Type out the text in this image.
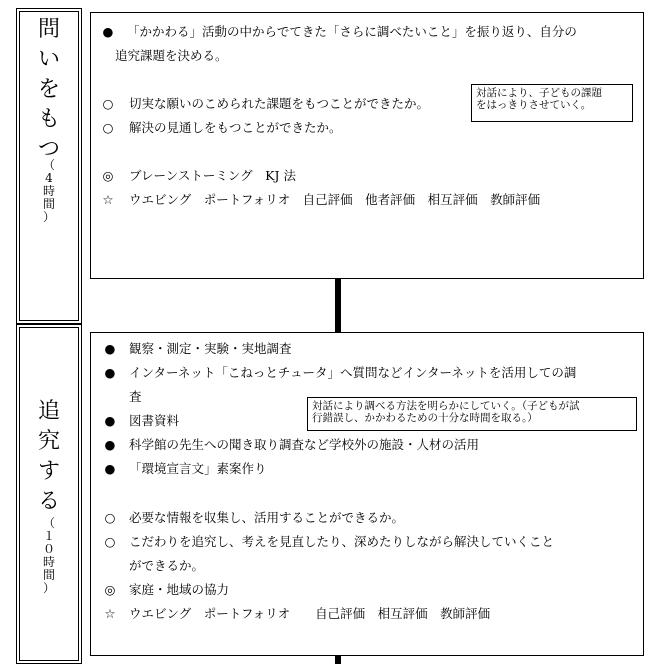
問
い
を
も
つ
（
4
時
間
）
● 「かかわる」活動の中からでてきた「さらに調べたいこと」を振り返り、自分の
追究課題を決める。
○ 切実な願いのこめられた課題をもつことができたか。
○ 解決の見通しをもつことができたか。
◎ ブレーンストーミング　KJ 法
☆ ウエビング　ポートフォリオ　自己評価　他者評価　相互評価　教師評価
対話により、子どもの課題
をはっきりさせていく。
追
究
す
る
（
１
０
時
間
）
● 観察・測定・実験・実地調査
● インターネット「こねっとチュータ」へ質問などインターネットを活用しての調
査
● 図書資料
● 科学館の先生への聞き取り調査など学校外の施設・人材の活用
● 「環境宣言文」素案作り
○ 必要な情報を収集し、活用することができるか。
○ こだわりを追究し、考えを見直したり、深めたりしながら解決していくこと
ができるか。
◎ 家庭・地域の協力
☆ ウエビング　ポートフォリオ　　自己評価　相互評価　教師評価
対話により調べる方法を明らかにしていく。（子どもが試
行錯誤し、かかわるための十分な時間を取る。）
